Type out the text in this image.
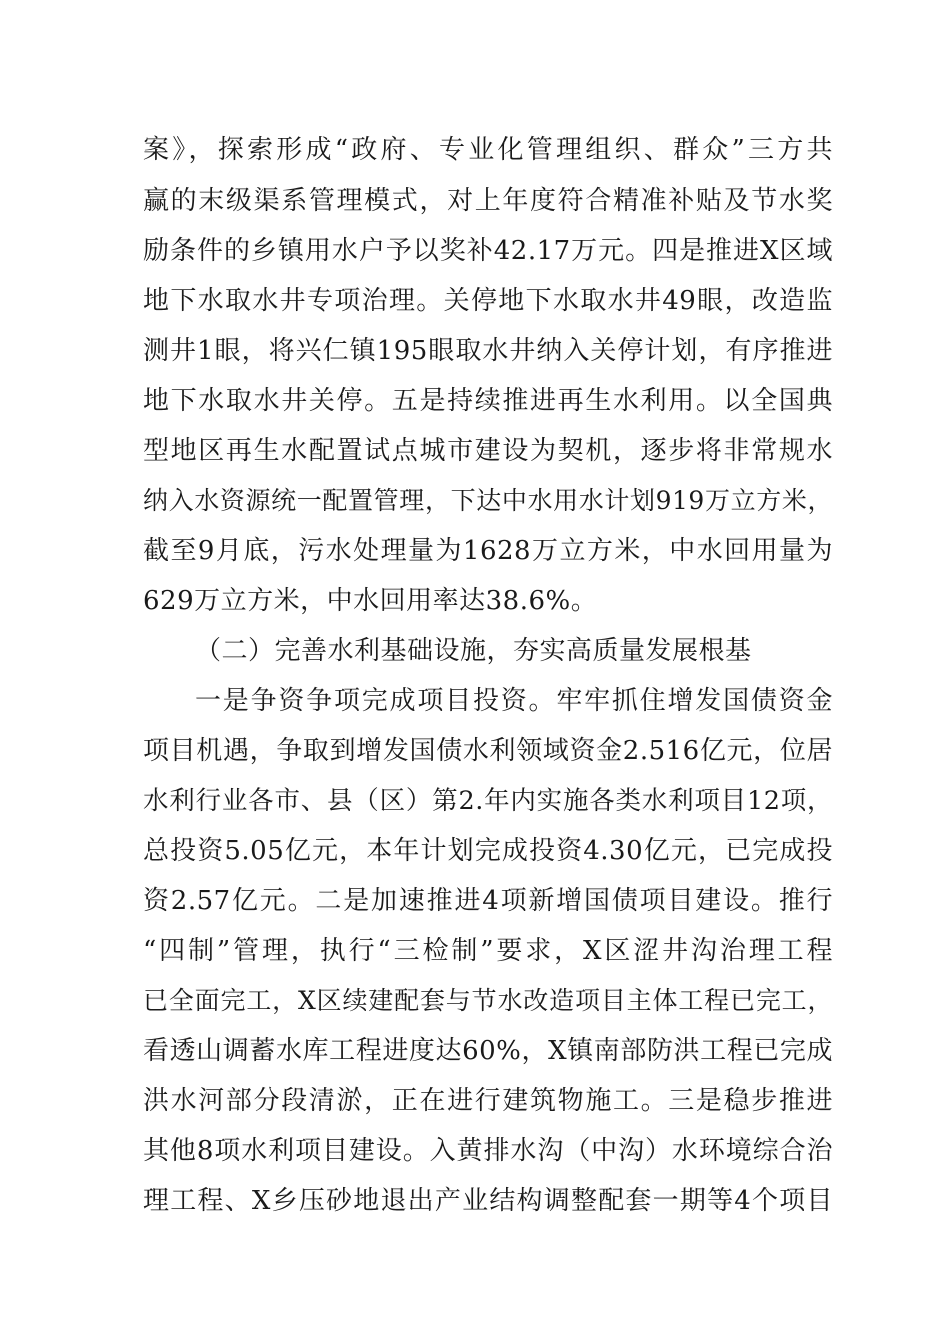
案》，探索形成“政府、专业化管理组织、群众”三方共
赢的末级渠系管理模式，对上年度符合精准补贴及节水奖
励条件的乡镇用水户予以奖补42.17万元。四是推进X区域
地下水取水井专项治理。关停地下水取水井49眼，改造监
测井1眼，将兴仁镇195眼取水井纳入关停计划，有序推进
地下水取水井关停。五是持续推进再生水利用。以全国典
型地区再生水配置试点城市建设为契机，逐步将非常规水
纳入水资源统一配置管理，下达中水用水计划919万立方米，
截至9月底，污水处理量为1628万立方米，中水回用量为
629万立方米，中水回用率达38.6%。
（二）完善水利基础设施，夯实高质量发展根基
一是争资争项完成项目投资。牢牢抓住增发国债资金
项目机遇，争取到增发国债水利领域资金2.516亿元，位居
水利行业各市、县（区）第2.年内实施各类水利项目12项，
总投资5.05亿元，本年计划完成投资4.30亿元，已完成投
资2.57亿元。二是加速推进4项新增国债项目建设。推行
“四制”管理，执行“三检制”要求，X区涩井沟治理工程
已全面完工，X区续建配套与节水改造项目主体工程已完工，
看透山调蓄水库工程进度达60%，X镇南部防洪工程已完成
洪水河部分段清淤，正在进行建筑物施工。三是稳步推进
其他8项水利项目建设。入黄排水沟（中沟）水环境综合治
理工程、X乡压砂地退出产业结构调整配套一期等4个项目
